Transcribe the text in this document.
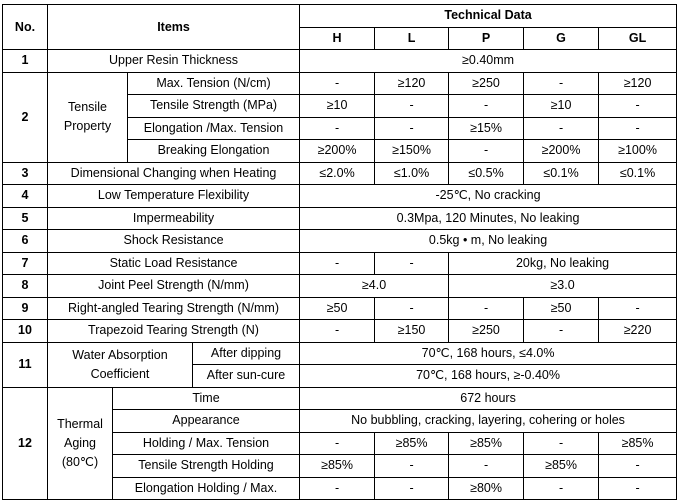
No.	Items				Technical Data				
					H	L	P	G	GL
1	Upper Resin Thickness				≥0.40mm				
2	Tensile Property		Max. Tension (N/cm)		-	≥120	≥250	-	≥120
			Tensile Strength (MPa)		≥10	-	-	≥10	-
			Elongation /Max. Tension		-	-	≥15%	-	-
			Breaking Elongation		≥200%	≥150%	-	≥200%	≥100%
3	Dimensional Changing when Heating				≤2.0%	≤1.0%	≤0.5%	≤0.1%	≤0.1%
4	Low Temperature Flexibility				-25℃, No cracking				
5	Impermeability				0.3Mpa, 120 Minutes, No leaking				
6	Shock Resistance				0.5kg • m, No leaking				
7	Static Load Resistance				-	-	20kg, No leaking		
8	Joint Peel Strength (N/mm)				≥4.0		≥3.0		
9	Right-angled Tearing Strength (N/mm)				≥50	-	-	≥50	-
10	Trapezoid Tearing Strength (N)				-	≥150	≥250	-	≥220
11	Water Absorption Coefficient			After dipping	70℃, 168 hours, ≤4.0%				
				After sun-cure	70℃, 168 hours, ≥-0.40%				
12	Thermal Aging (80℃)	Time			672 hours				
		Appearance			No bubbling, cracking, layering, cohering or holes				
		Holding / Max. Tension			-	≥85%	≥85%	-	≥85%
		Tensile Strength Holding			≥85%	-	-	≥85%	-
		Elongation Holding / Max.			-	-	≥80%	-	-
